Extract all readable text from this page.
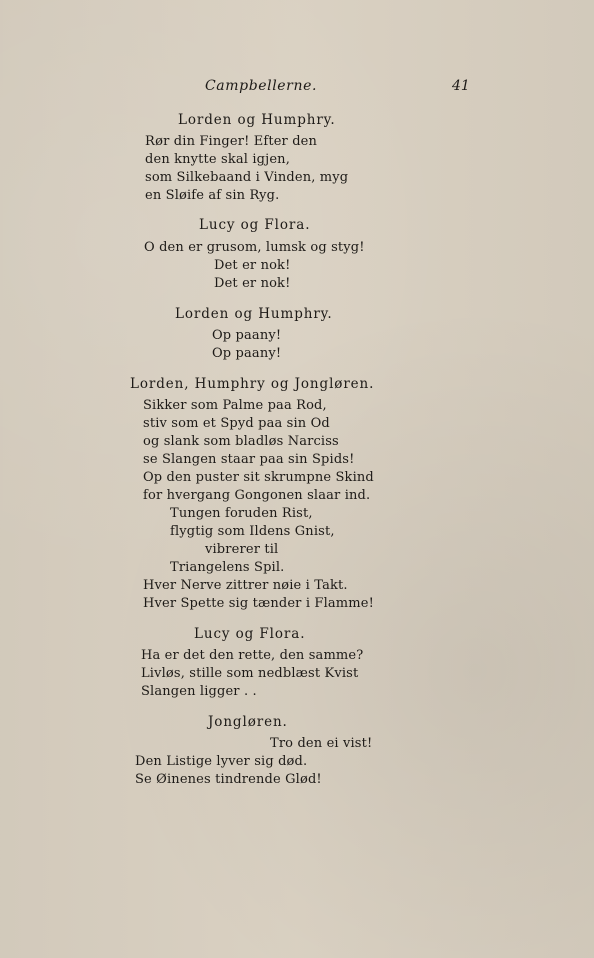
Campbellerne.	41
Lorden og Humphry.
Rør din Finger! Efter den
den knytte skal igjen,
som Silkebaand i Vinden, myg
en Sløife af sin Ryg.
Lucy og Flora.
O den er grusom, lumsk og styg!
Det er nok!
Det er nok!
Lorden og Humphry.
Op paany!
Op paany!
Lorden, Humphry og Jongløren.
Sikker som Palme paa Rod,
stiv som et Spyd paa sin Od
og slank som bladløs Narciss
se Slangen staar paa sin Spids!
Op den puster sit skrumpne Skind
for hvergang Gongonen slaar ind.
Tungen foruden Rist,
flygtig som Ildens Gnist,
vibrerer til
Triangelens Spil.
Hver Nerve zittrer nøie i Takt.
Hver Spette sig tænder i Flamme!
Lucy og Flora.
Ha er det den rette, den samme?
Livløs, stille som nedblæst Kvist
Slangen ligger . .
Jongløren.
Tro den ei vist!
Den Listige lyver sig død.
Se Øinenes tindrende Glød!
